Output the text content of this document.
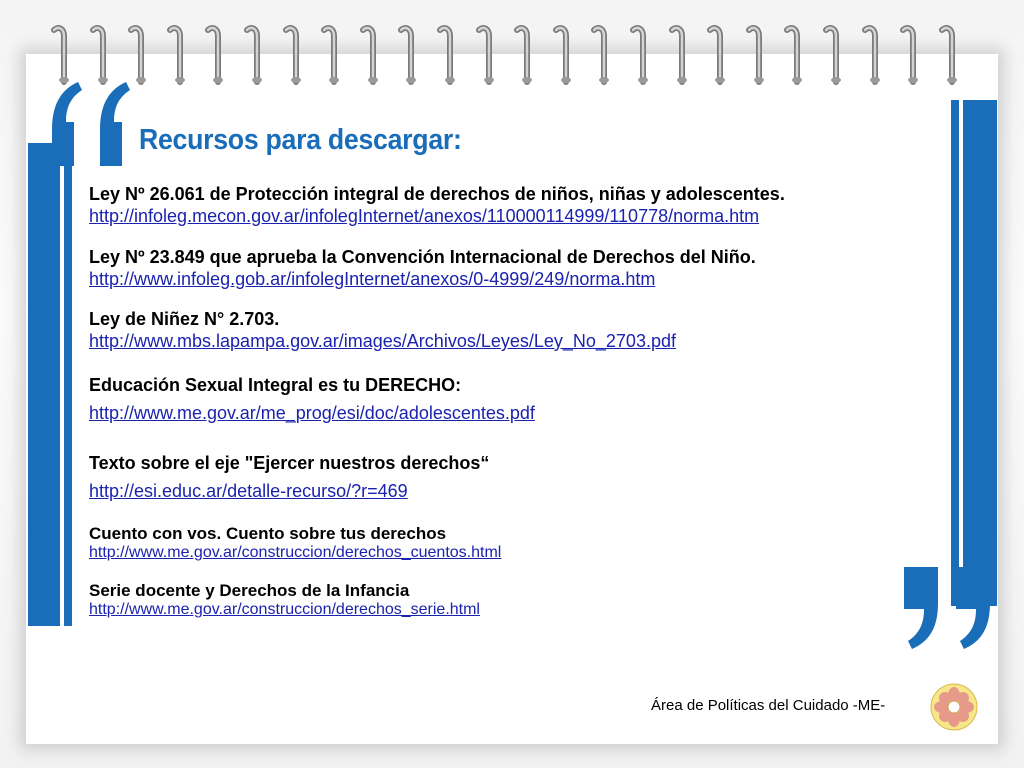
Recursos para descargar:
Ley Nº 26.061 de Protección integral de derechos de niños, niñas y adolescentes.
http://infoleg.mecon.gov.ar/infolegInternet/anexos/110000114999/110778/norma.htm
Ley Nº 23.849 que aprueba la Convención Internacional de Derechos del Niño.
http://www.infoleg.gob.ar/infolegInternet/anexos/0-4999/249/norma.htm
Ley de Niñez N° 2.703.
http://www.mbs.lapampa.gov.ar/images/Archivos/Leyes/Ley_No_2703.pdf
Educación Sexual Integral es tu DERECHO:
http://www.me.gov.ar/me_prog/esi/doc/adolescentes.pdf
Texto sobre el eje "Ejercer nuestros derechos“
http://esi.educ.ar/detalle-recurso/?r=469
Cuento con vos. Cuento sobre tus derechos
http://www.me.gov.ar/construccion/derechos_cuentos.html
Serie docente y Derechos de la Infancia
http://www.me.gov.ar/construccion/derechos_serie.html
Área de Políticas del Cuidado -ME-
